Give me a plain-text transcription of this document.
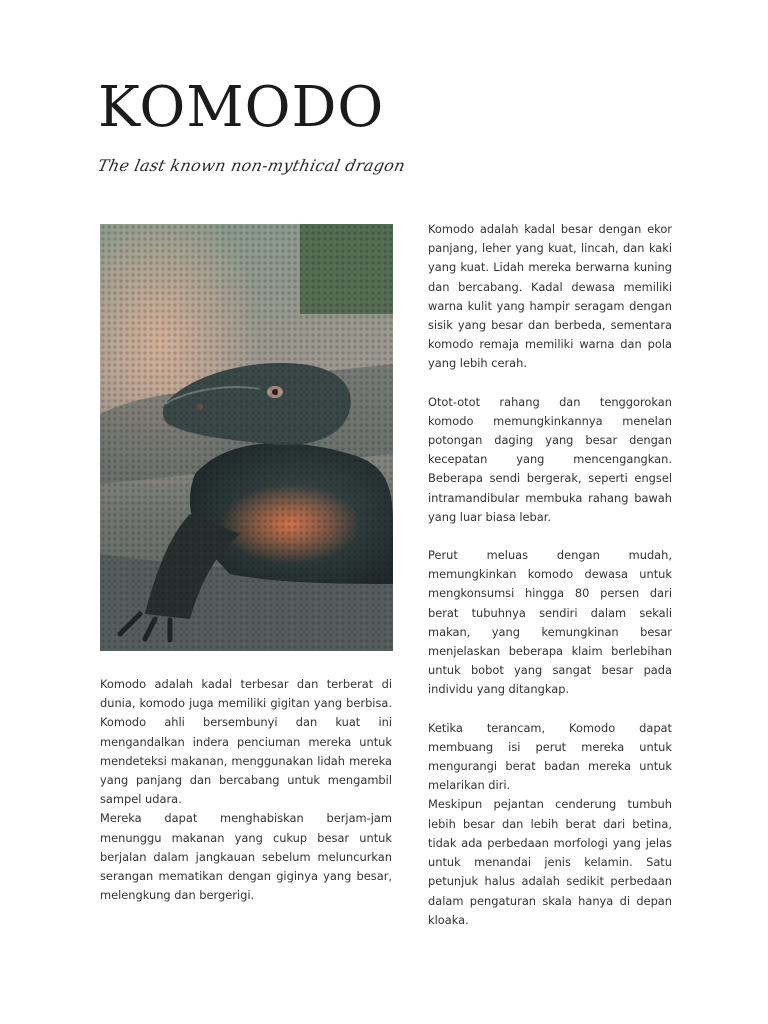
KOMODO
The last known non-mythical dragon

Komodo adalah kadal terbesar dan terberat di dunia, komodo juga memiliki gigitan yang berbisa. Komodo ahli bersembunyi dan kuat ini mengandalkan indera penciuman mereka untuk mendeteksi makanan, menggunakan lidah mereka yang panjang dan bercabang untuk mengambil sampel udara.

Mereka dapat menghabiskan berjam-jam menunggu makanan yang cukup besar untuk berjalan dalam jangkauan sebelum meluncurkan serangan mematikan dengan giginya yang besar, melengkung dan bergerigi.

Komodo adalah kadal besar dengan ekor panjang, leher yang kuat, lincah, dan kaki yang kuat. Lidah mereka berwarna kuning dan bercabang. Kadal dewasa memiliki warna kulit yang hampir seragam dengan sisik yang besar dan berbeda, sementara komodo remaja memiliki warna dan pola yang lebih cerah.

Otot-otot rahang dan tenggorokan komodo memungkinkannya menelan potongan daging yang besar dengan kecepatan yang mencengangkan. Beberapa sendi bergerak, seperti engsel intramandibular membuka rahang bawah yang luar biasa lebar.

Perut meluas dengan mudah, memungkinkan komodo dewasa untuk mengkonsumsi hingga 80 persen dari berat tubuhnya sendiri dalam sekali makan, yang kemungkinan besar menjelaskan beberapa klaim berlebihan untuk bobot yang sangat besar pada individu yang ditangkap.

Ketika terancam, Komodo dapat membuang isi perut mereka untuk mengurangi berat badan mereka untuk melarikan diri.

Meskipun pejantan cenderung tumbuh lebih besar dan lebih berat dari betina, tidak ada perbedaan morfologi yang jelas untuk menandai jenis kelamin. Satu petunjuk halus adalah sedikit perbedaan dalam pengaturan skala hanya di depan kloaka.
